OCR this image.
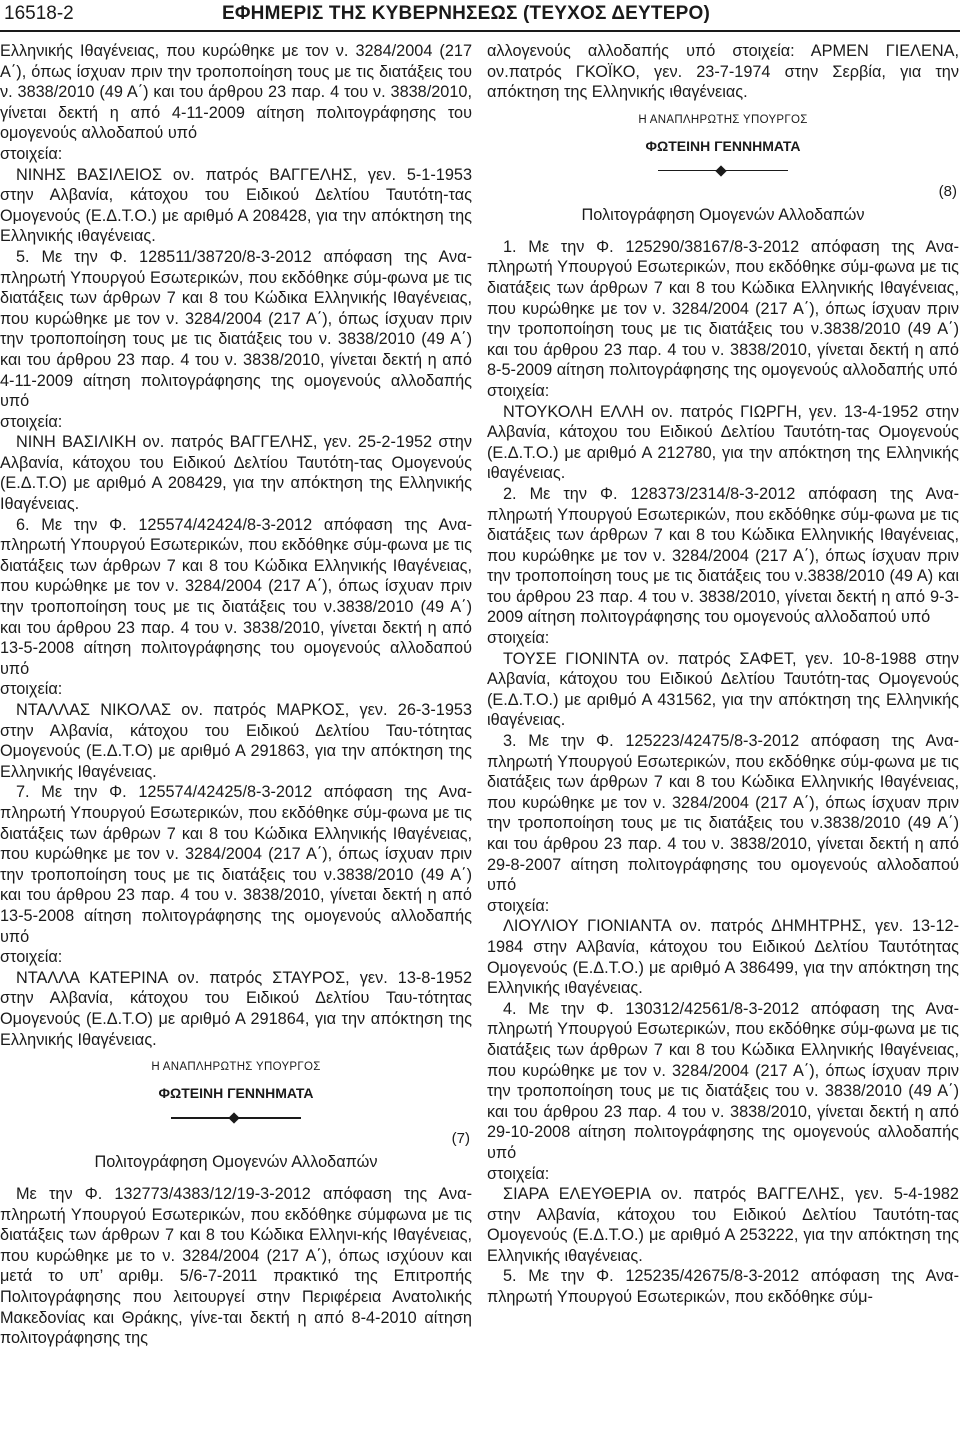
16518-2	ΕΦΗΜΕΡΙΣ ΤΗΣ ΚΥΒΕΡΝΗΣΕΩΣ (ΤΕΥΧΟΣ ΔΕΥΤΕΡΟ)

Ελληνικής Ιθαγένειας, που κυρώθηκε με τον ν. 3284/2004 (217 Α΄), όπως ίσχυαν πριν την τροποποίηση τους με τις διατάξεις του ν. 3838/2010 (49 Α΄) και του άρθρου 23 παρ. 4 του ν. 3838/2010, γίνεται δεκτή η από 4-11-2009 αίτηση πολιτογράφησης του ομογενούς αλλοδαπού υπό

στοιχεία:

ΝΙΝΗΣ ΒΑΣΙΛΕΙΟΣ ον. πατρός ΒΑΓΓΕΛΗΣ, γεν. 5-1-1953 στην Αλβανία, κάτοχου του Ειδικού Δελτίου Ταυτότη-τας Ομογενούς (Ε.Δ.Τ.Ο.) με αριθμό Α 208428, για την απόκτηση της Ελληνικής ιθαγένειας.

5. Με την Φ. 128511/38720/8-3-2012 απόφαση της Ανα-πληρωτή Υπουργού Εσωτερικών, που εκδόθηκε σύμ-φωνα με τις διατάξεις των άρθρων 7 και 8 του Κώδικα Ελληνικής Ιθαγένειας, που κυρώθηκε με τον ν. 3284/2004 (217 Α΄), όπως ίσχυαν πριν την τροποποίηση τους με τις διατάξεις του ν. 3838/2010 (49 Α΄) και του άρθρου 23 παρ. 4 του ν. 3838/2010, γίνεται δεκτή η από 4-11-2009 αίτηση πολιτογράφησης της ομογενούς αλλοδαπής υπό

στοιχεία:

ΝΙΝΗ ΒΑΣΙΛΙΚΗ ον. πατρός ΒΑΓΓΕΛΗΣ, γεν. 25-2-1952 στην Αλβανία, κάτοχου του Ειδικού Δελτίου Ταυτότη-τας Ομογενούς (Ε.Δ.Τ.Ο) με αριθμό Α 208429, για την απόκτηση της Ελληνικής Ιθαγένειας.

6. Με την Φ. 125574/42424/8-3-2012 απόφαση της Ανα-πληρωτή Υπουργού Εσωτερικών, που εκδόθηκε σύμ-φωνα με τις διατάξεις των άρθρων 7 και 8 του Κώδικα Ελληνικής Ιθαγένειας, που κυρώθηκε με τον ν. 3284/2004 (217 Α΄), όπως ίσχυαν πριν την τροποποίηση τους με τις διατάξεις του ν.3838/2010 (49 Α΄) και του άρθρου 23 παρ. 4 του ν. 3838/2010, γίνεται δεκτή η από 13-5-2008 αίτηση πολιτογράφησης του ομογενούς αλλοδαπού υπό

στοιχεία:

ΝΤΑΛΛΑΣ ΝΙΚΟΛΑΣ ον. πατρός ΜΑΡΚΟΣ, γεν. 26-3-1953 στην Αλβανία, κάτοχου του Ειδικού Δελτίου Ταυ-τότητας Ομογενούς (Ε.Δ.Τ.Ο) με αριθμό Α 291863, για την απόκτηση της Ελληνικής Ιθαγένειας.

7. Με την Φ. 125574/42425/8-3-2012 απόφαση της Ανα-πληρωτή Υπουργού Εσωτερικών, που εκδόθηκε σύμ-φωνα με τις διατάξεις των άρθρων 7 και 8 του Κώδικα Ελληνικής Ιθαγένειας, που κυρώθηκε με τον ν. 3284/2004 (217 Α΄), όπως ίσχυαν πριν την τροποποίηση τους με τις διατάξεις του ν.3838/2010 (49 Α΄) και του άρθρου 23 παρ. 4 του ν. 3838/2010, γίνεται δεκτή η από 13-5-2008 αίτηση πολιτογράφησης της ομογενούς αλλοδαπής υπό

στοιχεία:

ΝΤΑΛΛΑ ΚΑΤΕΡΙΝΑ ον. πατρός ΣΤΑΥΡΟΣ, γεν. 13-8-1952 στην Αλβανία, κάτοχου του Ειδικού Δελτίου Ταυ-τότητας Ομογενούς (Ε.Δ.Τ.Ο) με αριθμό Α 291864, για την απόκτηση της Ελληνικής Ιθαγένειας.

Η ΑΝΑΠΛΗΡΩΤΗΣ ΥΠΟΥΡΓΟΣ
ΦΩΤΕΙΝΗ ΓΕΝΝΗΜΑΤΑ
(7)
Πολιτογράφηση Ομογενών Αλλοδαπών

Με την Φ. 132773/4383/12/19-3-2012 απόφαση της Ανα-πληρωτή Υπουργού Εσωτερικών, που εκδόθηκε σύμφωνα με τις διατάξεις των άρθρων 7 και 8 του Κώδικα Ελληνι-κής Ιθαγένειας, που κυρώθηκε με το ν. 3284/2004 (217 Α΄), όπως ισχύουν και μετά το υπ’ αριθμ. 5/6-7-2011 πρακτικό της Επιτροπής Πολιτογράφησης που λειτουργεί στην Περιφέρεια Ανατολικής Μακεδονίας και Θράκης, γίνε-ται δεκτή η από 8-4-2010 αίτηση πολιτογράφησης της

αλλογενούς αλλοδαπής υπό στοιχεία: ΑΡΜΕΝ ΓΙΕΛΕΝΑ, ον.πατρός ΓΚΟΪΚΟ, γεν. 23-7-1974 στην Σερβία, για την απόκτηση της Ελληνικής ιθαγένειας.

Η ΑΝΑΠΛΗΡΩΤΗΣ ΥΠΟΥΡΓΟΣ
ΦΩΤΕΙΝΗ ΓΕΝΝΗΜΑΤΑ
(8)
Πολιτογράφηση Ομογενών Αλλοδαπών

1. Με την Φ. 125290/38167/8-3-2012 απόφαση της Ανα-πληρωτή Υπουργού Εσωτερικών, που εκδόθηκε σύμ-φωνα με τις διατάξεις των άρθρων 7 και 8 του Κώδικα Ελληνικής Ιθαγένειας, που κυρώθηκε με τον ν. 3284/2004 (217 Α΄), όπως ίσχυαν πριν την τροποποίηση τους με τις διατάξεις του ν.3838/2010 (49 Α΄) και του άρθρου 23 παρ. 4 του ν. 3838/2010, γίνεται δεκτή η από 8-5-2009 αίτηση πολιτογράφησης της ομογενούς αλλοδαπής υπό

στοιχεία:

ΝΤΟΥΚΟΛΗ ΕΛΛΗ ον. πατρός ΓΙΩΡΓΗ, γεν. 13-4-1952 στην Αλβανία, κάτοχου του Ειδικού Δελτίου Ταυτότη-τας Ομογενούς (Ε.Δ.Τ.Ο.) με αριθμό Α 212780, για την απόκτηση της Ελληνικής ιθαγένειας.

2. Με την Φ. 128373/2314/8-3-2012 απόφαση της Ανα-πληρωτή Υπουργού Εσωτερικών, που εκδόθηκε σύμ-φωνα με τις διατάξεις των άρθρων 7 και 8 του Κώδικα Ελληνικής Ιθαγένειας, που κυρώθηκε με τον ν. 3284/2004 (217 Α΄), όπως ίσχυαν πριν την τροποποίηση τους με τις διατάξεις του ν.3838/2010 (49 Α) και του άρθρου 23 παρ. 4 του ν. 3838/2010, γίνεται δεκτή η από 9-3-2009 αίτηση πολιτογράφησης του ομογενούς αλλοδαπού υπό

στοιχεία:

ΤΟΥΣΕ ΓΙΟΝΙΝΤΑ ον. πατρός ΣΑΦΕΤ, γεν. 10-8-1988 στην Αλβανία, κάτοχου του Ειδικού Δελτίου Ταυτότη-τας Ομογενούς (Ε.Δ.Τ.Ο.) με αριθμό Α 431562, για την απόκτηση της Ελληνικής ιθαγένειας.

3. Με την Φ. 125223/42475/8-3-2012 απόφαση της Ανα-πληρωτή Υπουργού Εσωτερικών, που εκδόθηκε σύμ-φωνα με τις διατάξεις των άρθρων 7 και 8 του Κώδικα Ελληνικής Ιθαγένειας, που κυρώθηκε με τον ν. 3284/2004 (217 Α΄), όπως ίσχυαν πριν την τροποποίηση τους με τις διατάξεις του ν.3838/2010 (49 Α΄) και του άρθρου 23 παρ. 4 του ν. 3838/2010, γίνεται δεκτή η από 29-8-2007 αίτηση πολιτογράφησης του ομογενούς αλλοδαπού υπό

στοιχεία:

ΛΙΟΥΛΙΟΥ ΓΙΟΝΙΑΝΤΑ ον. πατρός ΔΗΜΗΤΡΗΣ, γεν. 13-12-1984 στην Αλβανία, κάτοχου του Ειδικού Δελτίου Ταυτότητας Ομογενούς (Ε.Δ.Τ.Ο.) με αριθμό Α 386499, για την απόκτηση της Ελληνικής ιθαγένειας.

4. Με την Φ. 130312/42561/8-3-2012 απόφαση της Ανα-πληρωτή Υπουργού Εσωτερικών, που εκδόθηκε σύμ-φωνα με τις διατάξεις των άρθρων 7 και 8 του Κώδικα Ελληνικής Ιθαγένειας, που κυρώθηκε με τον ν. 3284/2004 (217 Α΄), όπως ίσχυαν πριν την τροποποίηση τους με τις διατάξεις του ν. 3838/2010 (49 Α΄) και του άρθρου 23 παρ. 4 του ν. 3838/2010, γίνεται δεκτή η από 29-10-2008 αίτηση πολιτογράφησης της ομογενούς αλλοδαπής υπό

στοιχεία:

ΣΙΑΡΑ ΕΛΕΥΘΕΡΙΑ ον. πατρός ΒΑΓΓΕΛΗΣ, γεν. 5-4-1982 στην Αλβανία, κάτοχου του Ειδικού Δελτίου Ταυτότη-τας Ομογενούς (Ε.Δ.Τ.Ο.) με αριθμό Α 253222, για την απόκτηση της Ελληνικής ιθαγένειας.

5. Με την Φ. 125235/42675/8-3-2012 απόφαση της Ανα-πληρωτή Υπουργού Εσωτερικών, που εκδόθηκε σύμ-
